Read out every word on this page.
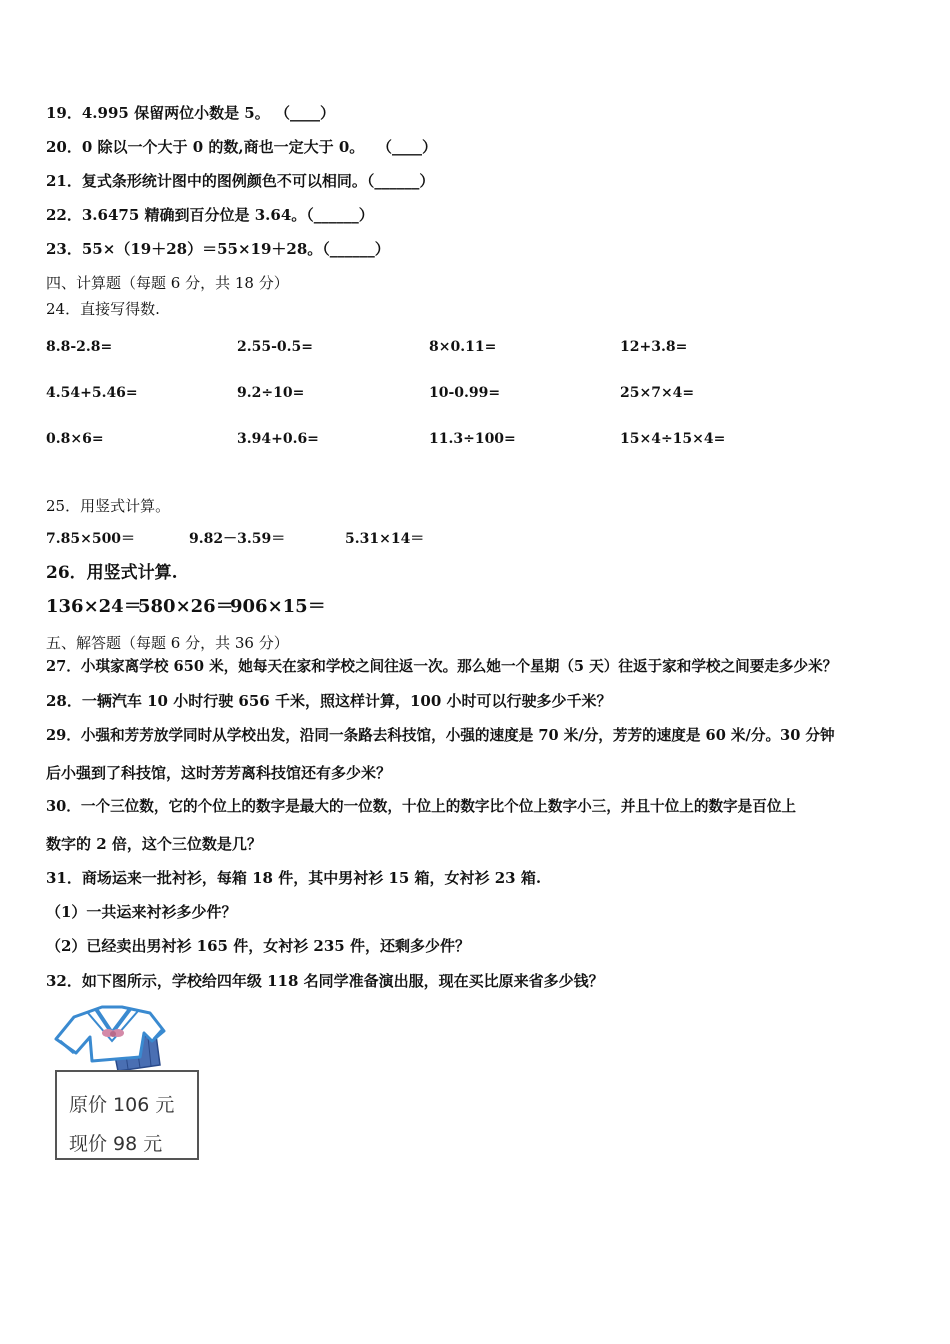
19．4.995 保留两位小数是 5。 （____）
20．0 除以一个大于 0 的数,商也一定大于 0。　 （____）
21．复式条形统计图中的图例颜色不可以相同。（______）
22．3.6475 精确到百分位是 3.64。（______）
23．55×（19＋28）＝55×19＋28。（______）
四、计算题（每题 6 分，共 18 分）
24．直接写得数.
8.8-2.8=	2.55-0.5=	8×0.11=	12+3.8=
4.54+5.46=	9.2÷10=	10-0.99=	25×7×4=
0.8×6=	3.94+0.6=	11.3÷100=	15×4÷15×4=
25．用竖式计算。
7.85×500＝	9.82－3.59＝	5.31×14＝
26．用竖式计算.
136×24＝
580×26＝
906×15＝
五、解答题（每题 6 分，共 36 分）
27．小琪家离学校 650 米，她每天在家和学校之间往返一次。那么她一个星期（5 天）往返于家和学校之间要走多少米？
28．一辆汽车 10 小时行驶 656 千米，照这样计算，100 小时可以行驶多少千米？
29．小强和芳芳放学同时从学校出发，沿同一条路去科技馆，小强的速度是 70 米/分，芳芳的速度是 60 米/分。30 分钟
后小强到了科技馆，这时芳芳离科技馆还有多少米？
30．一个三位数，它的个位上的数字是最大的一位数，十位上的数字比个位上数字小三，并且十位上的数字是百位上
数字的 2 倍，这个三位数是几？
31．商场运来一批衬衫，每箱 18 件，其中男衬衫 15 箱，女衬衫 23 箱.
（1）一共运来衬衫多少件？
（2）已经卖出男衬衫 165 件，女衬衫 235 件，还剩多少件？
32．如下图所示，学校给四年级 118 名同学准备演出服，现在买比原来省多少钱？
原价 106 元
现价 98 元
